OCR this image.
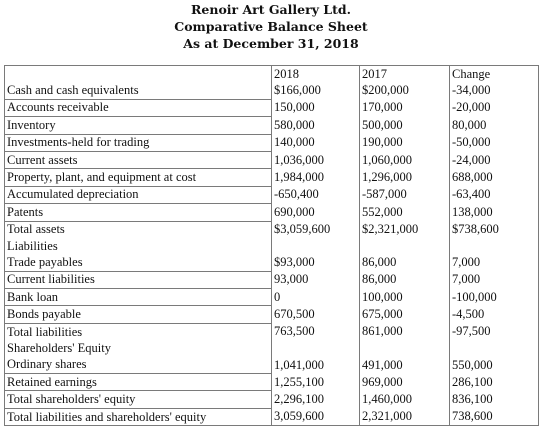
Renoir Art Gallery Ltd.
Comparative Balance Sheet
As at December 31, 2018
	2018	2017	Change
Cash and cash equivalents	$166,000	$200,000	-34,000
Accounts receivable	150,000	170,000	-20,000
Inventory	580,000	500,000	80,000
Investments-held for trading	140,000	190,000	-50,000
Current assets	1,036,000	1,060,000	-24,000
Property, plant, and equipment at cost	1,984,000	1,296,000	688,000
Accumulated depreciation	-650,400	-587,000	-63,400
Patents	690,000	552,000	138,000
Total assets	$3,059,600	$2,321,000	$738,600
Liabilities			
Trade payables	$93,000	86,000	7,000
Current liabilities	93,000	86,000	7,000
Bank loan	0	100,000	-100,000
Bonds payable	670,500	675,000	-4,500
Total liabilities	763,500	861,000	-97,500
Shareholders' Equity			
Ordinary shares	1,041,000	491,000	550,000
Retained earnings	1,255,100	969,000	286,100
Total shareholders' equity	2,296,100	1,460,000	836,100
Total liabilities and shareholders' equity	3,059,600	2,321,000	738,600
